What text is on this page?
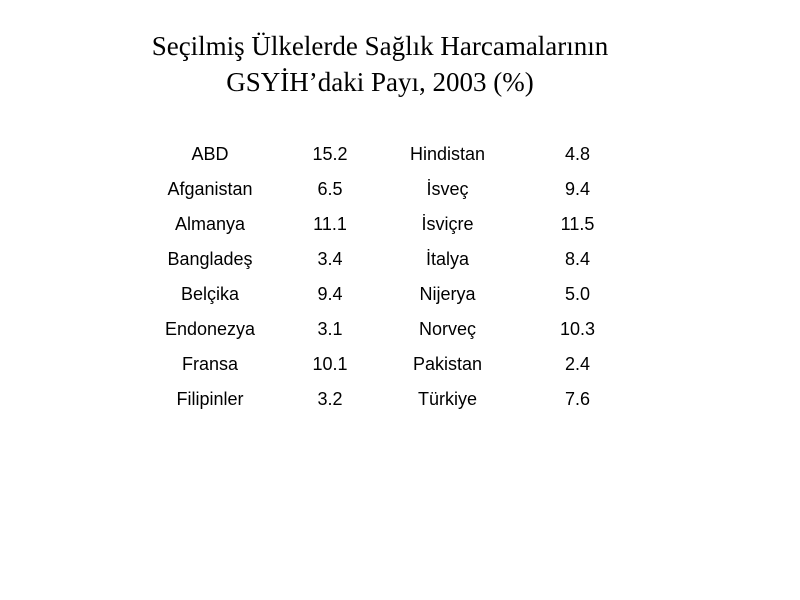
Seçilmiş Ülkelerde Sağlık Harcamalarının
GSYİH’daki Payı, 2003 (%)
ABD	15.2	Hindistan	4.8
Afganistan	6.5	İsveç	9.4
Almanya	11.1	İsviçre	11.5
Bangladeş	3.4	İtalya	8.4
Belçika	9.4	Nijerya	5.0
Endonezya	3.1	Norveç	10.3
Fransa	10.1	Pakistan	2.4
Filipinler	3.2	Türkiye	7.6
